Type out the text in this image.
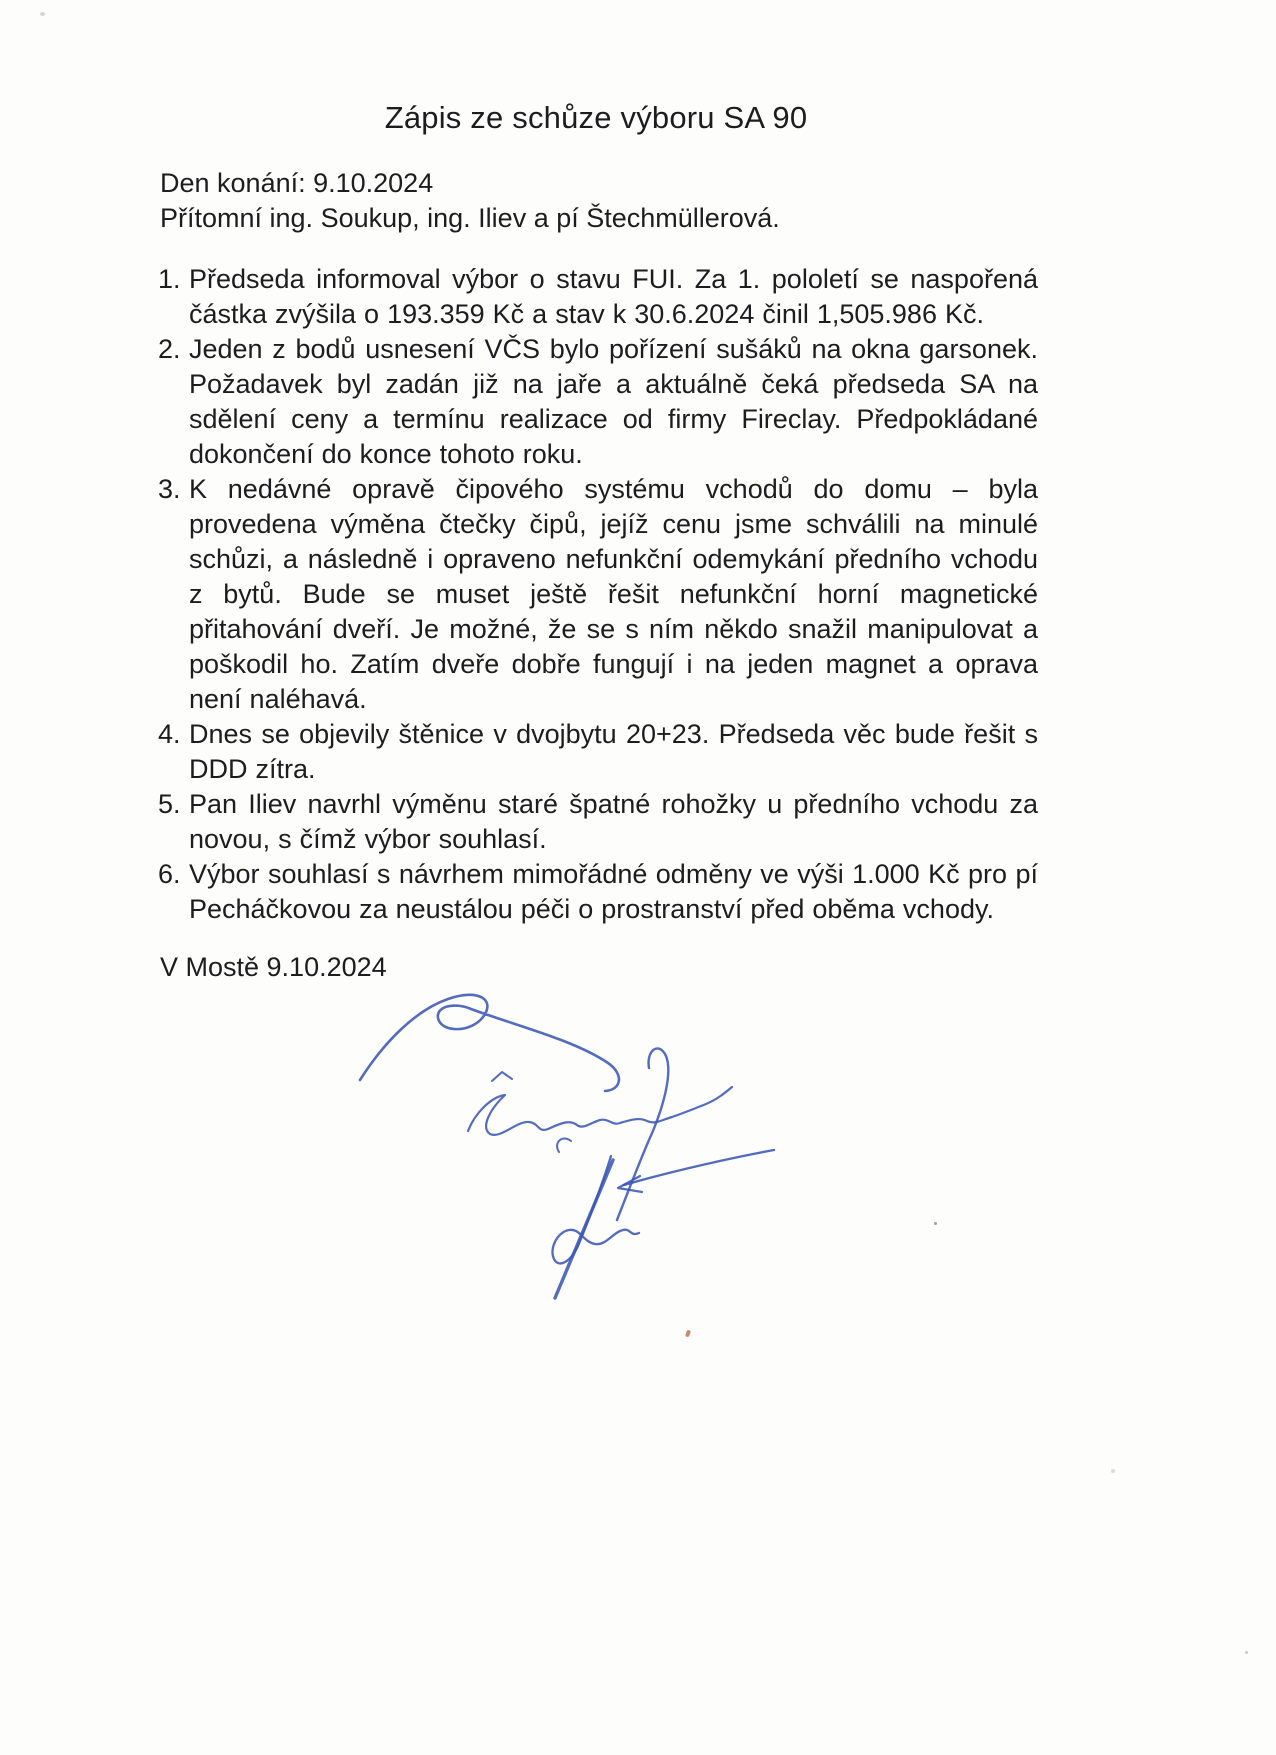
Zápis ze schůze výboru SA 90
Den konání: 9.10.2024
Přítomní ing. Soukup, ing. Iliev a pí Štechmüllerová.
1. Předseda informoval výbor o stavu FUI. Za 1. pololetí se naspořená částka zvýšila o 193.359 Kč a stav k 30.6.2024 činil 1,505.986 Kč.
2. Jeden z bodů usnesení VČS bylo pořízení sušáků na okna garsonek. Požadavek byl zadán již na jaře a aktuálně čeká předseda SA na sdělení ceny a termínu realizace od firmy Fireclay. Předpokládané dokončení do konce tohoto roku.
3. K nedávné opravě čipového systému vchodů do domu – byla provedena výměna čtečky čipů, jejíž cenu jsme schválili na minulé schůzi, a následně i opraveno nefunkční odemykání předního vchodu z bytů. Bude se muset ještě řešit nefunkční horní magnetické přitahování dveří. Je možné, že se s ním někdo snažil manipulovat a poškodil ho. Zatím dveře dobře fungují i na jeden magnet a oprava není naléhavá.
4. Dnes se objevily štěnice v dvojbytu 20+23. Předseda věc bude řešit s DDD zítra.
5. Pan Iliev navrhl výměnu staré špatné rohožky u předního vchodu za novou, s čímž výbor souhlasí.
6. Výbor souhlasí s návrhem mimořádné odměny ve výši 1.000 Kč pro pí Pecháčkovou za neustálou péči o prostranství před oběma vchody.
V Mostě 9.10.2024
